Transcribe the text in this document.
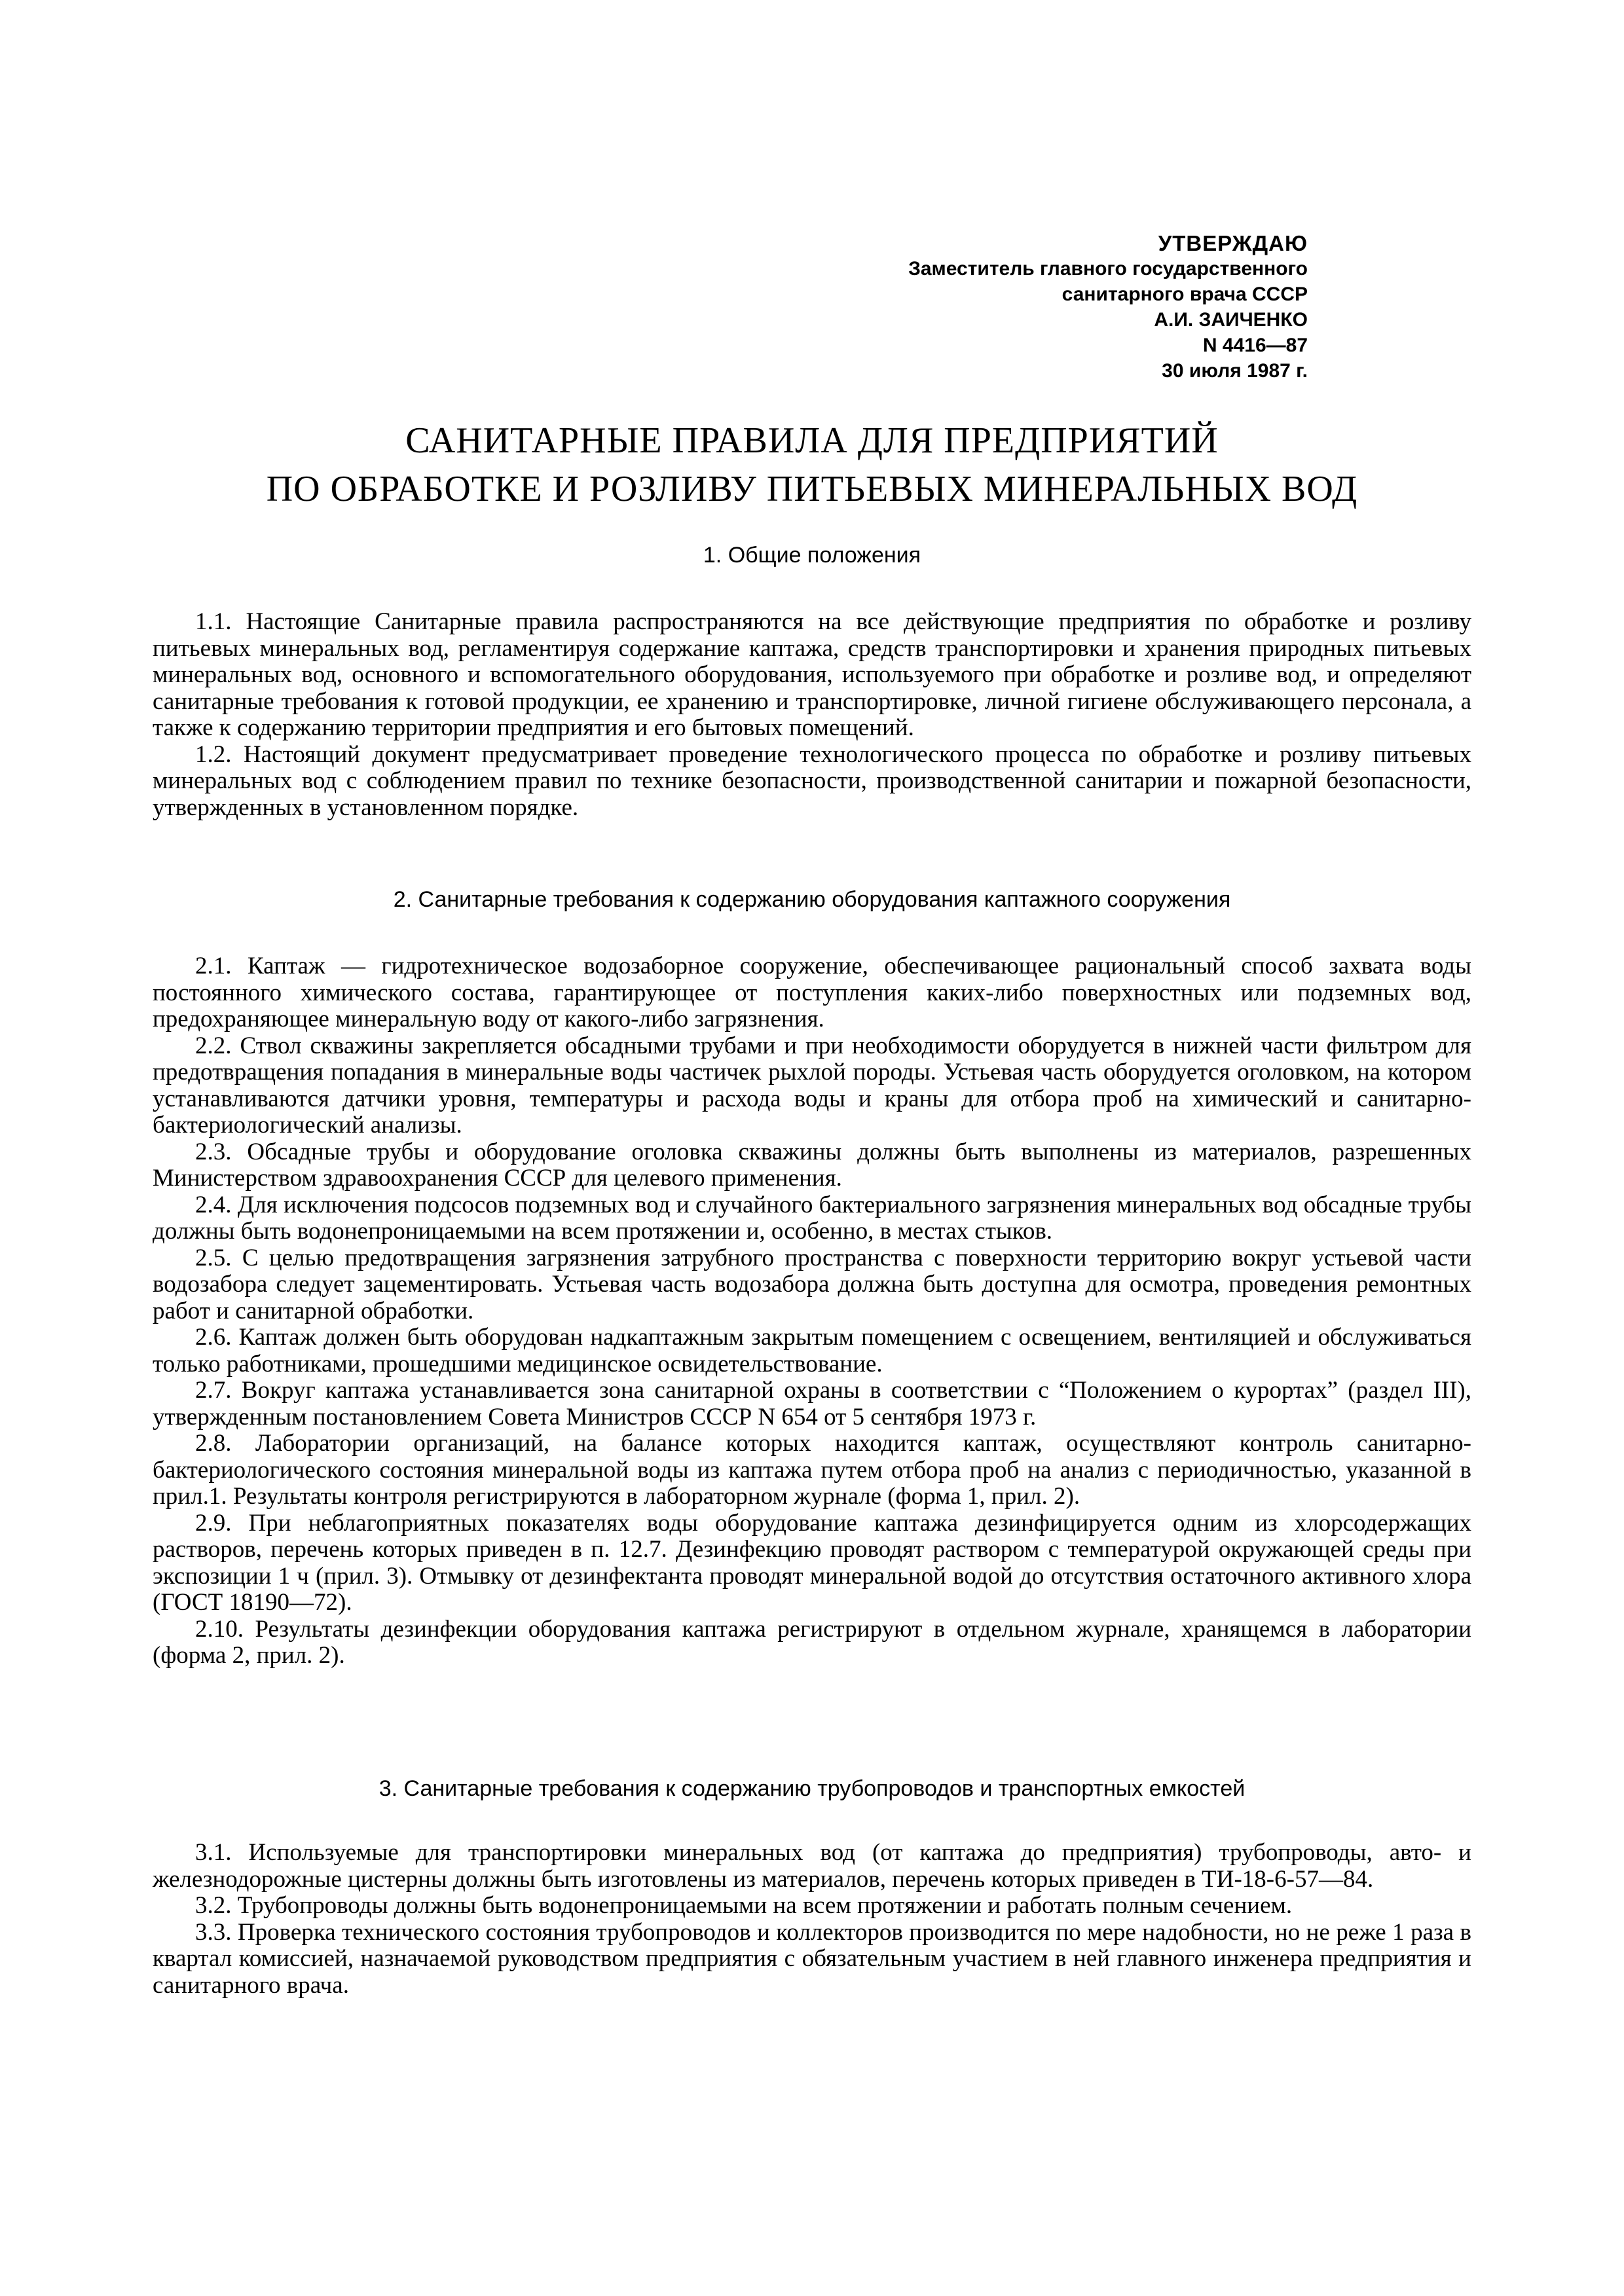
УТВЕРЖДАЮ
Заместитель главного государственного
санитарного врача СССР
А.И. ЗАИЧЕНКО
N 4416—87
30 июля 1987 г.
САНИТАРНЫЕ ПРАВИЛА ДЛЯ ПРЕДПРИЯТИЙ
ПО ОБРАБОТКЕ И РОЗЛИВУ ПИТЬЕВЫХ МИНЕРАЛЬНЫХ ВОД
1. Общие положения

1.1. Настоящие Санитарные правила распространяются на все действующие предприятия по обработке и розливу питьевых минеральных вод, регламентируя содержание каптажа, средств транспортировки и хранения природных питьевых минеральных вод, основного и вспомогательного оборудования, используемого при обработке и розливе вод, и определяют санитарные требования к готовой продукции, ее хранению и транспортировке, личной гигиене обслуживающего персонала, а также к содержанию территории предприятия и его бытовых помещений.

1.2. Настоящий документ предусматривает проведение технологического процесса по обработке и розливу питьевых минеральных вод с соблюдением правил по технике безопасности, производственной санитарии и пожарной безопасности, утвержденных в установленном порядке.

2. Санитарные требования к содержанию оборудования каптажного сооружения

2.1. Каптаж — гидротехническое водозаборное сооружение, обеспечивающее рациональный способ захвата воды постоянного химического состава, гарантирующее от поступления каких-либо поверхностных или подземных вод, предохраняющее минеральную воду от какого-либо загрязнения.

2.2. Ствол скважины закрепляется обсадными трубами и при необходимости оборудуется в нижней части фильтром для предотвращения попадания в минеральные воды частичек рыхлой породы. Устьевая часть оборудуется оголовком, на котором устанавливаются датчики уровня, температуры и расхода воды и краны для отбора проб на химический и санитарно-бактериологический анализы.

2.3. Обсадные трубы и оборудование оголовка скважины должны быть выполнены из материалов, разрешенных Министерством здравоохранения СССР для целевого применения.

2.4. Для исключения подсосов подземных вод и случайного бактериального загрязнения минеральных вод обсадные трубы должны быть водонепроницаемыми на всем протяжении и, особенно, в местах стыков.

2.5. С целью предотвращения загрязнения затрубного пространства с поверхности территорию вокруг устьевой части водозабора следует зацементировать. Устьевая часть водозабора должна быть доступна для осмотра, проведения ремонтных работ и санитарной обработки.

2.6. Каптаж должен быть оборудован надкаптажным закрытым помещением с освещением, вентиляцией и обслуживаться только работниками, прошедшими медицинское освидетельствование.

2.7. Вокруг каптажа устанавливается зона санитарной охраны в соответствии с “Положением о курортах” (раздел III), утвержденным постановлением Совета Министров СССР N 654 от 5 сентября 1973 г.

2.8. Лаборатории организаций, на балансе которых находится каптаж, осуществляют контроль санитарно-бактериологического состояния минеральной воды из каптажа путем отбора проб на анализ с периодичностью, указанной в прил.1. Результаты контроля регистрируются в лабораторном журнале (форма 1, прил. 2).

2.9. При неблагоприятных показателях воды оборудование каптажа дезинфицируется одним из хлорсодержащих растворов, перечень которых приведен в п. 12.7. Дезинфекцию проводят раствором с температурой окружающей среды при экспозиции 1 ч (прил. 3). Отмывку от дезинфектанта проводят минеральной водой до отсутствия остаточного активного хлора (ГОСТ 18190—72).

2.10. Результаты дезинфекции оборудования каптажа регистрируют в отдельном журнале, хранящемся в лаборатории (форма 2, прил. 2).

3. Санитарные требования к содержанию трубопроводов и транспортных емкостей

3.1. Используемые для транспортировки минеральных вод (от каптажа до предприятия) трубопроводы, авто- и железнодорожные цистерны должны быть изготовлены из материалов, перечень которых приведен в ТИ-18-6-57—84.

3.2. Трубопроводы должны быть водонепроницаемыми на всем протяжении и работать полным сечением.

3.3. Проверка технического состояния трубопроводов и коллекторов производится по мере надобности, но не реже 1 раза в квартал комиссией, назначаемой руководством предприятия с обязательным участием в ней главного инженера предприятия и санитарного врача.
